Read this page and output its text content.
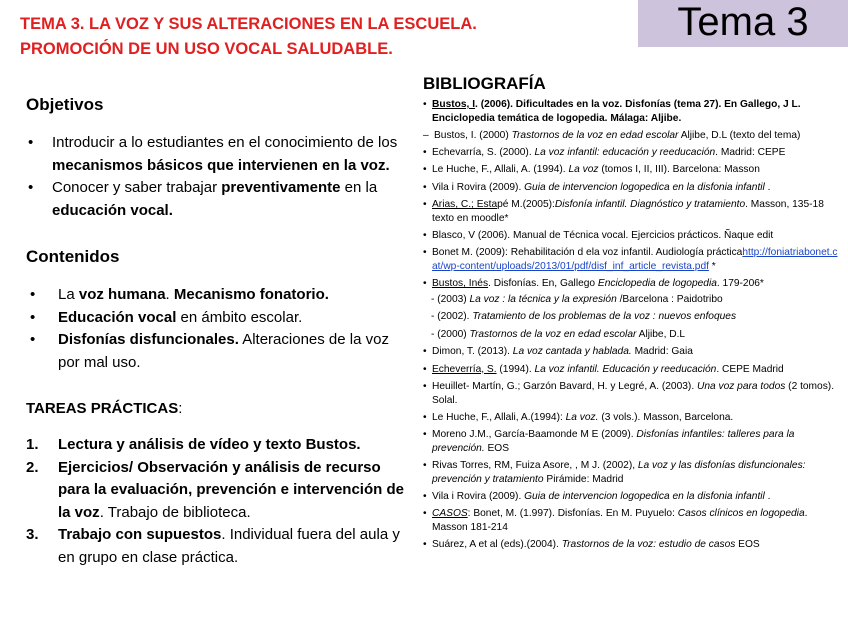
TEMA 3. LA VOZ Y SUS ALTERACIONES EN LA ESCUELA.
PROMOCIÓN DE UN USO VOCAL SALUDABLE.
Tema 3
Objetivos
• Introducir a lo estudiantes en el conocimiento de los mecanismos básicos que intervienen en la voz.
• Conocer y saber trabajar preventivamente en la educación vocal.
Contenidos
• La voz humana. Mecanismo fonatorio.
• Educación vocal en ámbito escolar.
• Disfonías disfuncionales. Alteraciones de la voz por mal uso.
TAREAS PRÁCTICAS:
1. Lectura y análisis de vídeo y texto Bustos.
2. Ejercicios/ Observación y análisis de recurso para la evaluación, prevención e intervención de la voz. Trabajo de biblioteca.
3. Trabajo con supuestos. Individual fuera del aula y en grupo en clase práctica.
BIBLIOGRAFÍA
• Bustos, I. (2006). Dificultades en la voz. Disfonías (tema 27). En Gallego, J L. Enciclopedia temática de logopedia. Málaga: Aljibe.
– Bustos, I. (2000) Trastornos de la voz en edad escolar Aljibe, D.L (texto del tema)
• Echevarría, S. (2000). La voz infantil: educación y reeducación. Madrid: CEPE
• Le Huche, F., Allali, A. (1994). La voz (tomos I, II, III). Barcelona: Masson
• Vila i Rovira (2009). Guia de intervencion logopedica en la disfonia infantil .
• Arias, C.; Estapé M.(2005):Disfonía infantil. Diagnóstico y tratamiento. Masson, 135-18 texto en moodle*
• Blasco, V (2006). Manual de Técnica vocal. Ejercicios prácticos. Ñaque edit
• Bonet M. (2009): Rehabilitación d ela voz infantil. Audiología prácticahttp://foniatriabonet.cat/wp-content/uploads/2013/01/pdf/disf_inf_article_revista.pdf *
• Bustos, Inés. Disfonías. En, Gallego Enciclopedia de logopedia. 179-206*
- (2003) La voz : la técnica y la expresión /Barcelona : Paidotribo
- (2002). Tratamiento de los problemas de la voz : nuevos enfoques
- (2000) Trastornos de la voz en edad escolar Aljibe, D.L
• Dimon, T. (2013). La voz cantada y hablada. Madrid: Gaia
• Echeverría, S. (1994). La voz infantil. Educación y reeducación. CEPE Madrid
• Heuillet- Martín, G.; Garzón Bavard, H. y Legré, A. (2003). Una voz para todos (2 tomos). Solal.
• Le Huche, F., Allali, A.(1994): La voz. (3 vols.). Masson, Barcelona.
• Moreno J.M., García-Baamonde M E (2009). Disfonías infantiles: talleres para la prevención. EOS
• Rivas Torres, RM, Fuiza Asore, , M J. (2002), La voz y las disfonías disfuncionales: prevención y tratamiento Pirámide: Madrid
• Vila i Rovira (2009). Guia de intervencion logopedica en la disfonia infantil .
• CASOS: Bonet, M. (1.997). Disfonías. En M. Puyuelo: Casos clínicos en logopedia. Masson 181-214
• Suárez, A et al (eds).(2004). Trastornos de la voz: estudio de casos EOS
